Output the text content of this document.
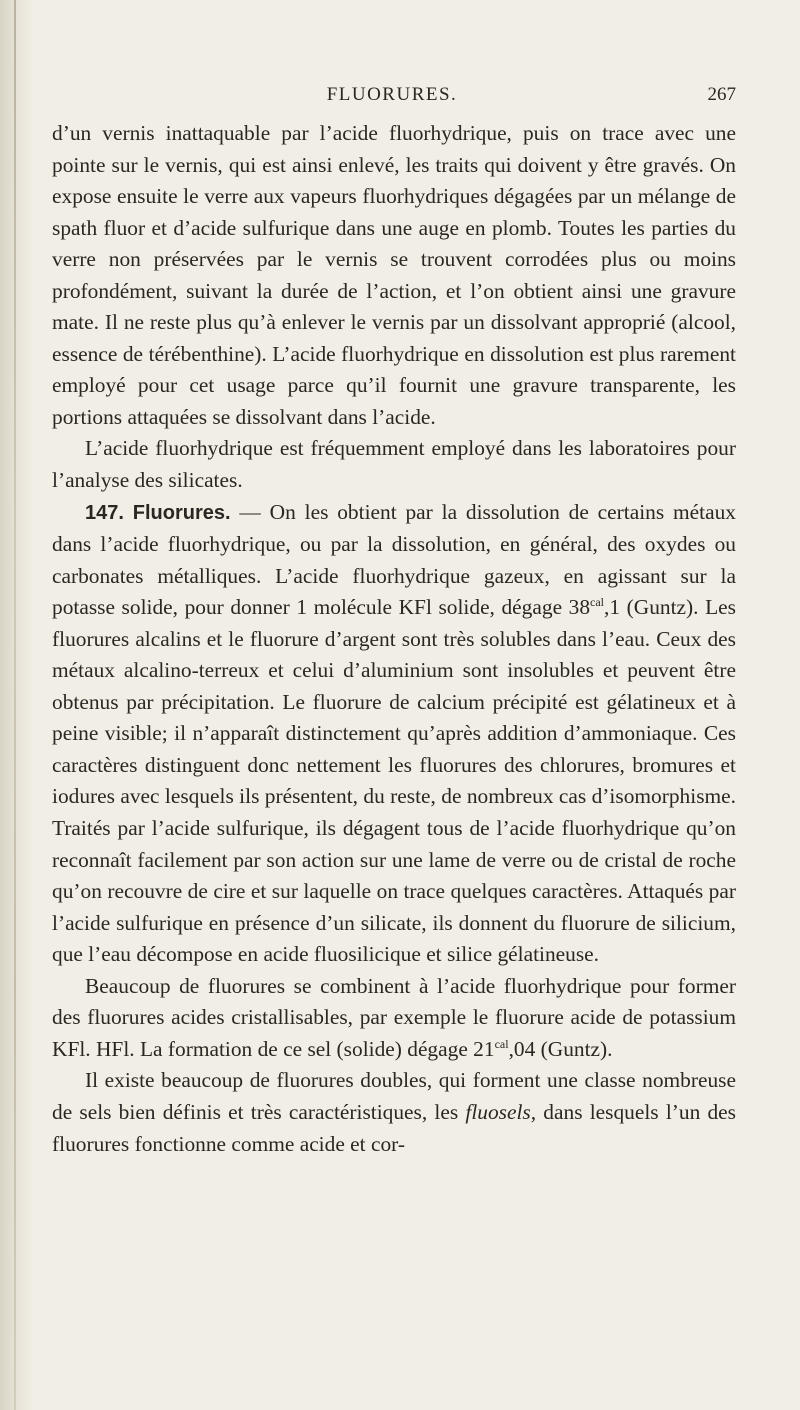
FLUORURES.	267

d’un vernis inattaquable par l’acide fluorhydrique, puis on trace avec une pointe sur le vernis, qui est ainsi enlevé, les traits qui doivent y être gravés. On expose ensuite le verre aux vapeurs fluorhydriques dégagées par un mélange de spath fluor et d’acide sulfurique dans une auge en plomb. Toutes les parties du verre non préservées par le vernis se trouvent corrodées plus ou moins profondément, suivant la durée de l’action, et l’on obtient ainsi une gravure mate. Il ne reste plus qu’à enlever le vernis par un dissolvant approprié (alcool, essence de térébenthine). L’acide fluorhydrique en dissolution est plus rarement employé pour cet usage parce qu’il fournit une gravure transparente, les portions attaquées se dissolvant dans l’acide.

L’acide fluorhydrique est fréquemment employé dans les laboratoires pour l’analyse des silicates.

147. Fluorures. — On les obtient par la dissolution de certains métaux dans l’acide fluorhydrique, ou par la dissolution, en général, des oxydes ou carbonates métalliques. L’acide fluorhydrique gazeux, en agissant sur la potasse solide, pour donner 1 molécule KFl solide, dégage $38^{cal},1$ (Guntz). Les fluorures alcalins et le fluorure d’argent sont très solubles dans l’eau. Ceux des métaux alcalino-terreux et celui d’aluminium sont insolubles et peuvent être obtenus par précipitation. Le fluorure de calcium précipité est gélatineux et à peine visible; il n’apparaît distinctement qu’après addition d’ammoniaque. Ces caractères distinguent donc nettement les fluorures des chlorures, bromures et iodures avec lesquels ils présentent, du reste, de nombreux cas d’isomorphisme. Traités par l’acide sulfurique, ils dégagent tous de l’acide fluorhydrique qu’on reconnaît facilement par son action sur une lame de verre ou de cristal de roche qu’on recouvre de cire et sur laquelle on trace quelques caractères. Attaqués par l’acide sulfurique en présence d’un silicate, ils donnent du fluorure de silicium, que l’eau décompose en acide fluosilicique et silice gélatineuse.

Beaucoup de fluorures se combinent à l’acide fluorhydrique pour former des fluorures acides cristallisables, par exemple le fluorure acide de potassium KFl. HFl. La formation de ce sel (solide) dégage $21^{cal},04$ (Guntz).

Il existe beaucoup de fluorures doubles, qui forment une classe nombreuse de sels bien définis et très caractéristiques, les fluosels, dans lesquels l’un des fluorures fonctionne comme acide et cor-
